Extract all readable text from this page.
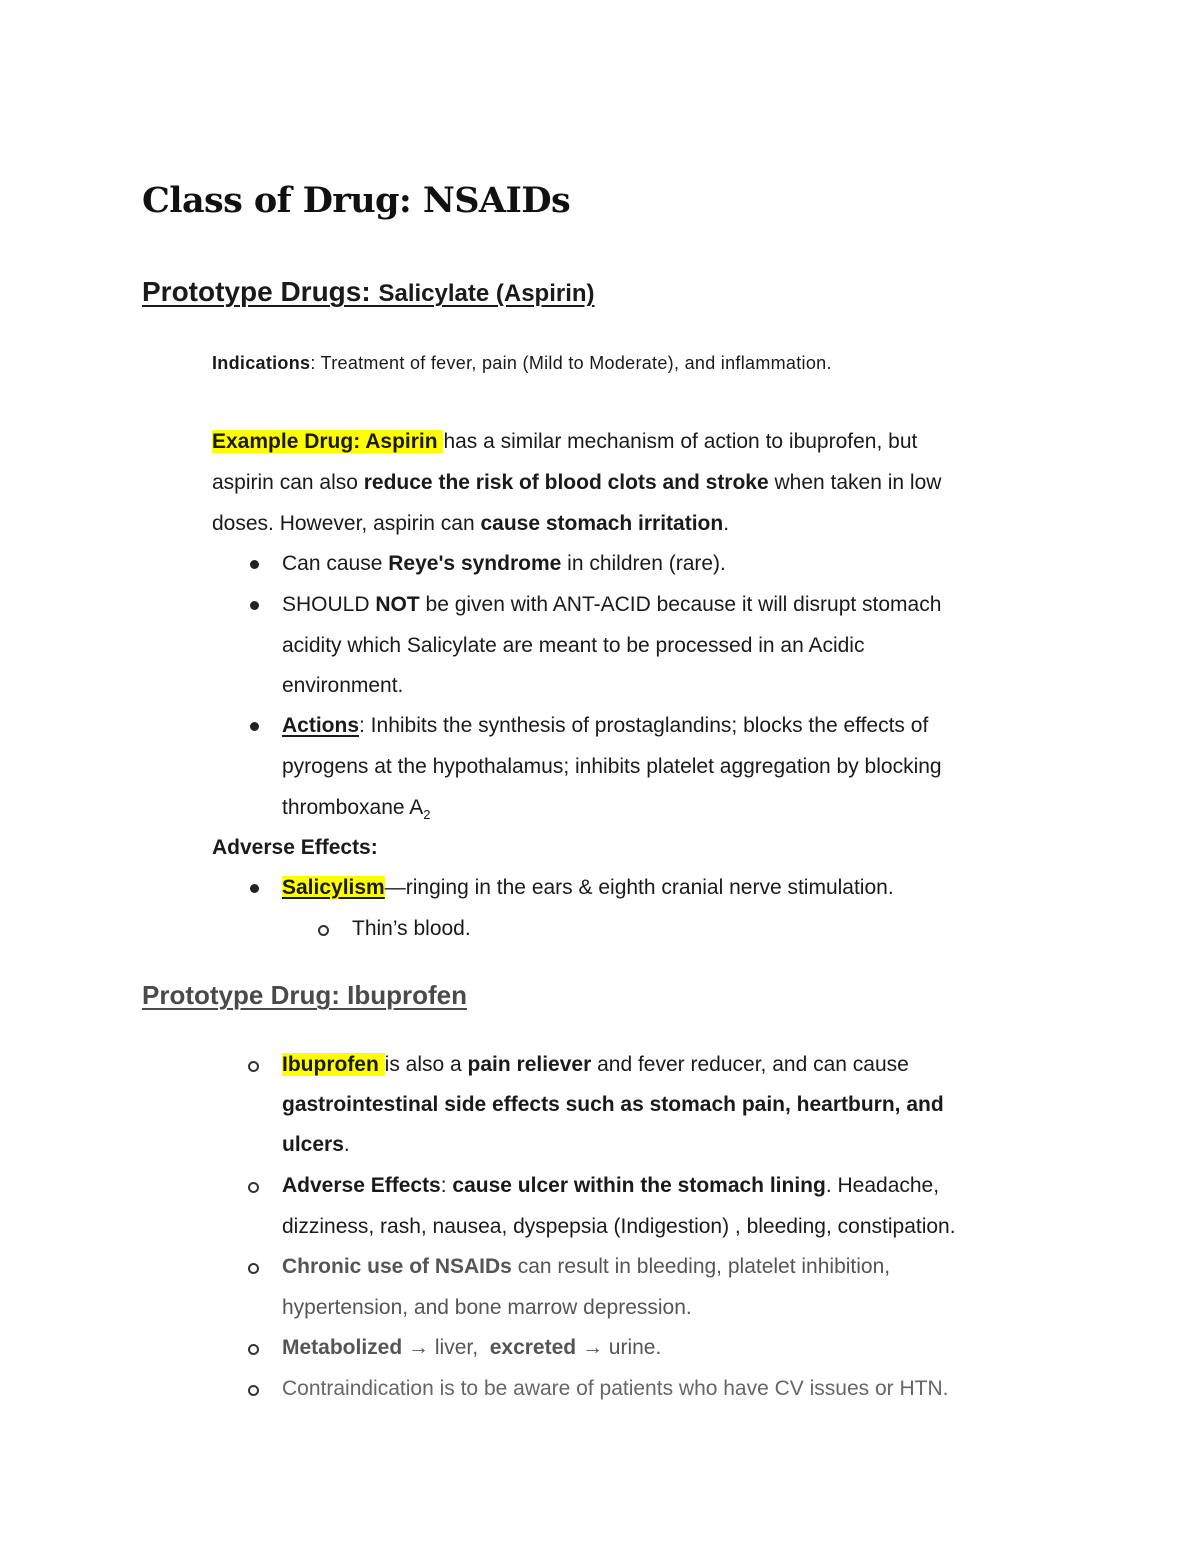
Class of Drug: NSAIDs
Prototype Drugs: Salicylate (Aspirin)
Indications: Treatment of fever, pain (Mild to Moderate), and inflammation.
Example Drug: Aspirin has a similar mechanism of action to ibuprofen, but
aspirin can also reduce the risk of blood clots and stroke when taken in low
doses. However, aspirin can cause stomach irritation.
Can cause Reye's syndrome in children (rare).
SHOULD NOT be given with ANT-ACID because it will disrupt stomach
acidity which Salicylate are meant to be processed in an Acidic
environment.
Actions: Inhibits the synthesis of prostaglandins; blocks the effects of
pyrogens at the hypothalamus; inhibits platelet aggregation by blocking
thromboxane $A_2$
Adverse Effects:
Salicylism—ringing in the ears & eighth cranial nerve stimulation.
Thin’s blood.
Prototype Drug: Ibuprofen
Ibuprofen is also a pain reliever and fever reducer, and can cause
gastrointestinal side effects such as stomach pain, heartburn, and
ulcers.
Adverse Effects: cause ulcer within the stomach lining. Headache,
dizziness, rash, nausea, dyspepsia (Indigestion) , bleeding, constipation.
Chronic use of NSAIDs can result in bleeding, platelet inhibition,
hypertension, and bone marrow depression.
Metabolized → liver,  excreted → urine.
Contraindication is to be aware of patients who have CV issues or HTN.
